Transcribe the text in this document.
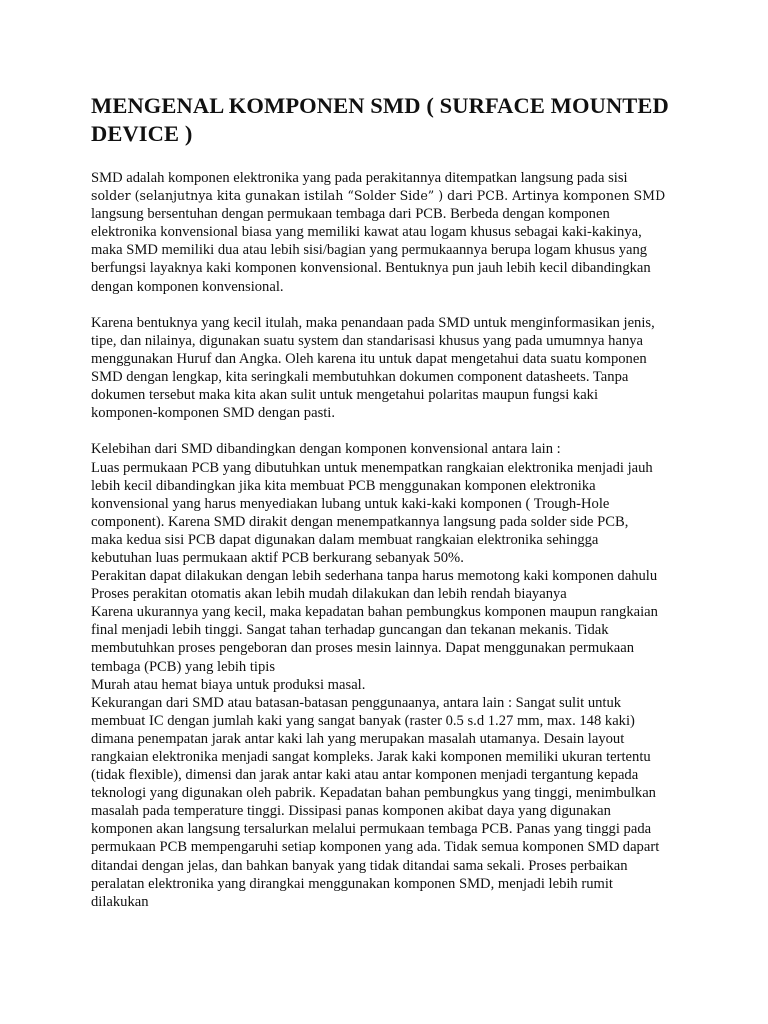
MENGENAL KOMPONEN SMD ( SURFACE MOUNTED
DEVICE )

SMD adalah komponen elektronika yang pada perakitannya ditempatkan langsung pada sisi
solder (selanjutnya kita gunakan istilah “Solder Side” ) dari PCB. Artinya komponen SMD
langsung bersentuhan dengan permukaan tembaga dari PCB. Berbeda dengan komponen
elektronika konvensional biasa yang memiliki kawat atau logam khusus sebagai kaki-kakinya,
maka SMD memiliki dua atau lebih sisi/bagian yang permukaannya berupa logam khusus yang
berfungsi layaknya kaki komponen konvensional. Bentuknya pun jauh lebih kecil dibandingkan
dengan komponen konvensional.

Karena bentuknya yang kecil itulah, maka penandaan pada SMD untuk menginformasikan jenis,
tipe, dan nilainya, digunakan suatu system dan standarisasi khusus yang pada umumnya hanya
menggunakan Huruf dan Angka. Oleh karena itu untuk dapat mengetahui data suatu komponen
SMD dengan lengkap, kita seringkali membutuhkan dokumen component datasheets. Tanpa
dokumen tersebut maka kita akan sulit untuk mengetahui polaritas maupun fungsi kaki
komponen-komponen SMD dengan pasti.

Kelebihan dari SMD dibandingkan dengan komponen konvensional antara lain :
Luas permukaan PCB yang dibutuhkan untuk menempatkan rangkaian elektronika menjadi jauh
lebih kecil dibandingkan jika kita membuat PCB menggunakan komponen elektronika
konvensional yang harus menyediakan lubang untuk kaki-kaki komponen ( Trough-Hole
component). Karena SMD dirakit dengan menempatkannya langsung pada solder side PCB,
maka kedua sisi PCB dapat digunakan dalam membuat rangkaian elektronika sehingga
kebutuhan luas permukaan aktif PCB berkurang sebanyak 50%.
Perakitan dapat dilakukan dengan lebih sederhana tanpa harus memotong kaki komponen dahulu
Proses perakitan otomatis akan lebih mudah dilakukan dan lebih rendah biayanya
Karena ukurannya yang kecil, maka kepadatan bahan pembungkus komponen maupun rangkaian
final menjadi lebih tinggi. Sangat tahan terhadap guncangan dan tekanan mekanis. Tidak
membutuhkan proses pengeboran dan proses mesin lainnya. Dapat menggunakan permukaan
tembaga (PCB) yang lebih tipis
Murah atau hemat biaya untuk produksi masal.
Kekurangan dari SMD atau batasan-batasan penggunaanya, antara lain : Sangat sulit untuk
membuat IC dengan jumlah kaki yang sangat banyak (raster 0.5 s.d 1.27 mm, max. 148 kaki)
dimana penempatan jarak antar kaki lah yang merupakan masalah utamanya. Desain layout
rangkaian elektronika menjadi sangat kompleks. Jarak kaki komponen memiliki ukuran tertentu
(tidak flexible), dimensi dan jarak antar kaki atau antar komponen menjadi tergantung kepada
teknologi yang digunakan oleh pabrik. Kepadatan bahan pembungkus yang tinggi, menimbulkan
masalah pada temperature tinggi. Dissipasi panas komponen akibat daya yang digunakan
komponen akan langsung tersalurkan melalui permukaan tembaga PCB. Panas yang tinggi pada
permukaan PCB mempengaruhi setiap komponen yang ada. Tidak semua komponen SMD dapart
ditandai dengan jelas, dan bahkan banyak yang tidak ditandai sama sekali. Proses perbaikan
peralatan elektronika yang dirangkai menggunakan komponen SMD, menjadi lebih rumit
dilakukan
